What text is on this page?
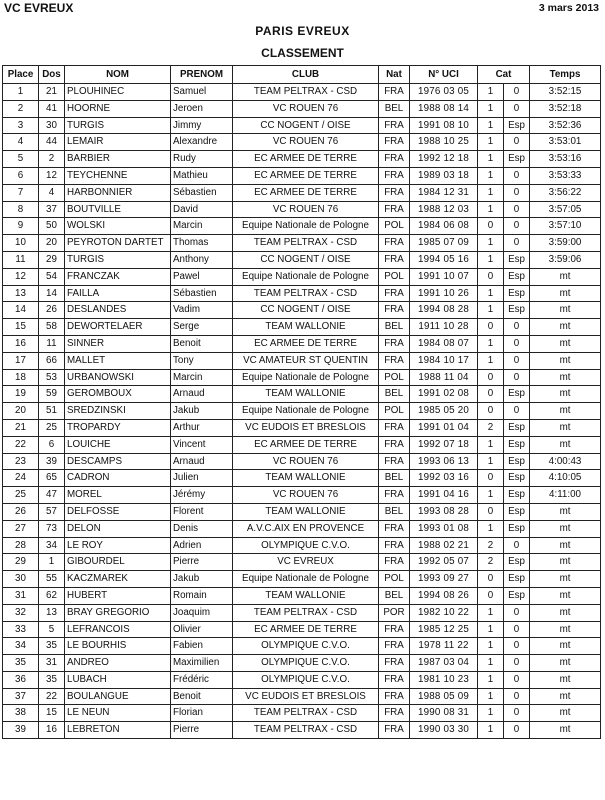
VC EVREUX	3 mars 2013
PARIS EVREUX
CLASSEMENT
Place	Dos	NOM	PRENOM	CLUB	Nat	N° UCI	Cat		Temps
1	21	PLOUHINEC	Samuel	TEAM PELTRAX - CSD	FRA	1976 03 05	1	0	3:52:15
2	41	HOORNE	Jeroen	VC ROUEN 76	BEL	1988 08 14	1	0	3:52:18
3	30	TURGIS	Jimmy	CC NOGENT / OISE	FRA	1991 08 10	1	Esp	3:52:36
4	44	LEMAIR	Alexandre	VC ROUEN 76	FRA	1988 10 25	1	0	3:53:01
5	2	BARBIER	Rudy	EC ARMEE DE TERRE	FRA	1992 12 18	1	Esp	3:53:16
6	12	TEYCHENNE	Mathieu	EC ARMEE DE TERRE	FRA	1989 03 18	1	0	3:53:33
7	4	HARBONNIER	Sébastien	EC ARMEE DE TERRE	FRA	1984 12 31	1	0	3:56:22
8	37	BOUTVILLE	David	VC ROUEN 76	FRA	1988 12 03	1	0	3:57:05
9	50	WOLSKI	Marcin	Equipe Nationale de Pologne	POL	1984 06 08	0	0	3:57:10
10	20	PEYROTON DARTET	Thomas	TEAM PELTRAX - CSD	FRA	1985 07 09	1	0	3:59:00
11	29	TURGIS	Anthony	CC NOGENT / OISE	FRA	1994 05 16	1	Esp	3:59:06
12	54	FRANCZAK	Pawel	Equipe Nationale de Pologne	POL	1991 10 07	0	Esp	mt
13	14	FAILLA	Sébastien	TEAM PELTRAX - CSD	FRA	1991 10 26	1	Esp	mt
14	26	DESLANDES	Vadim	CC NOGENT / OISE	FRA	1994 08 28	1	Esp	mt
15	58	DEWORTELAER	Serge	TEAM WALLONIE	BEL	1911 10 28	0	0	mt
16	11	SINNER	Benoit	EC ARMEE DE TERRE	FRA	1984 08 07	1	0	mt
17	66	MALLET	Tony	VC AMATEUR ST QUENTIN	FRA	1984 10 17	1	0	mt
18	53	URBANOWSKI	Marcin	Equipe Nationale de Pologne	POL	1988 11 04	0	0	mt
19	59	GEROMBOUX	Arnaud	TEAM WALLONIE	BEL	1991 02 08	0	Esp	mt
20	51	SREDZINSKI	Jakub	Equipe Nationale de Pologne	POL	1985 05 20	0	0	mt
21	25	TROPARDY	Arthur	VC EUDOIS ET BRESLOIS	FRA	1991 01 04	2	Esp	mt
22	6	LOUICHE	Vincent	EC ARMEE DE TERRE	FRA	1992 07 18	1	Esp	mt
23	39	DESCAMPS	Arnaud	VC ROUEN 76	FRA	1993 06 13	1	Esp	4:00:43
24	65	CADRON	Julien	TEAM WALLONIE	BEL	1992 03 16	0	Esp	4:10:05
25	47	MOREL	Jérémy	VC ROUEN 76	FRA	1991 04 16	1	Esp	4:11:00
26	57	DELFOSSE	Florent	TEAM WALLONIE	BEL	1993 08 28	0	Esp	mt
27	73	DELON	Denis	A.V.C.AIX EN PROVENCE	FRA	1993 01 08	1	Esp	mt
28	34	LE ROY	Adrien	OLYMPIQUE C.V.O.	FRA	1988 02 21	2	0	mt
29	1	GIBOURDEL	Pierre	VC EVREUX	FRA	1992 05 07	2	Esp	mt
30	55	KACZMAREK	Jakub	Equipe Nationale de Pologne	POL	1993 09 27	0	Esp	mt
31	62	HUBERT	Romain	TEAM WALLONIE	BEL	1994 08 26	0	Esp	mt
32	13	BRAY GREGORIO	Joaquim	TEAM PELTRAX - CSD	POR	1982 10 22	1	0	mt
33	5	LEFRANCOIS	Olivier	EC ARMEE DE TERRE	FRA	1985 12 25	1	0	mt
34	35	LE BOURHIS	Fabien	OLYMPIQUE C.V.O.	FRA	1978 11 22	1	0	mt
35	31	ANDREO	Maximilien	OLYMPIQUE C.V.O.	FRA	1987 03 04	1	0	mt
36	35	LUBACH	Frédéric	OLYMPIQUE C.V.O.	FRA	1981 10 23	1	0	mt
37	22	BOULANGUE	Benoit	VC EUDOIS ET BRESLOIS	FRA	1988 05 09	1	0	mt
38	15	LE NEUN	Florian	TEAM PELTRAX - CSD	FRA	1990 08 31	1	0	mt
39	16	LEBRETON	Pierre	TEAM PELTRAX - CSD	FRA	1990 03 30	1	0	mt
